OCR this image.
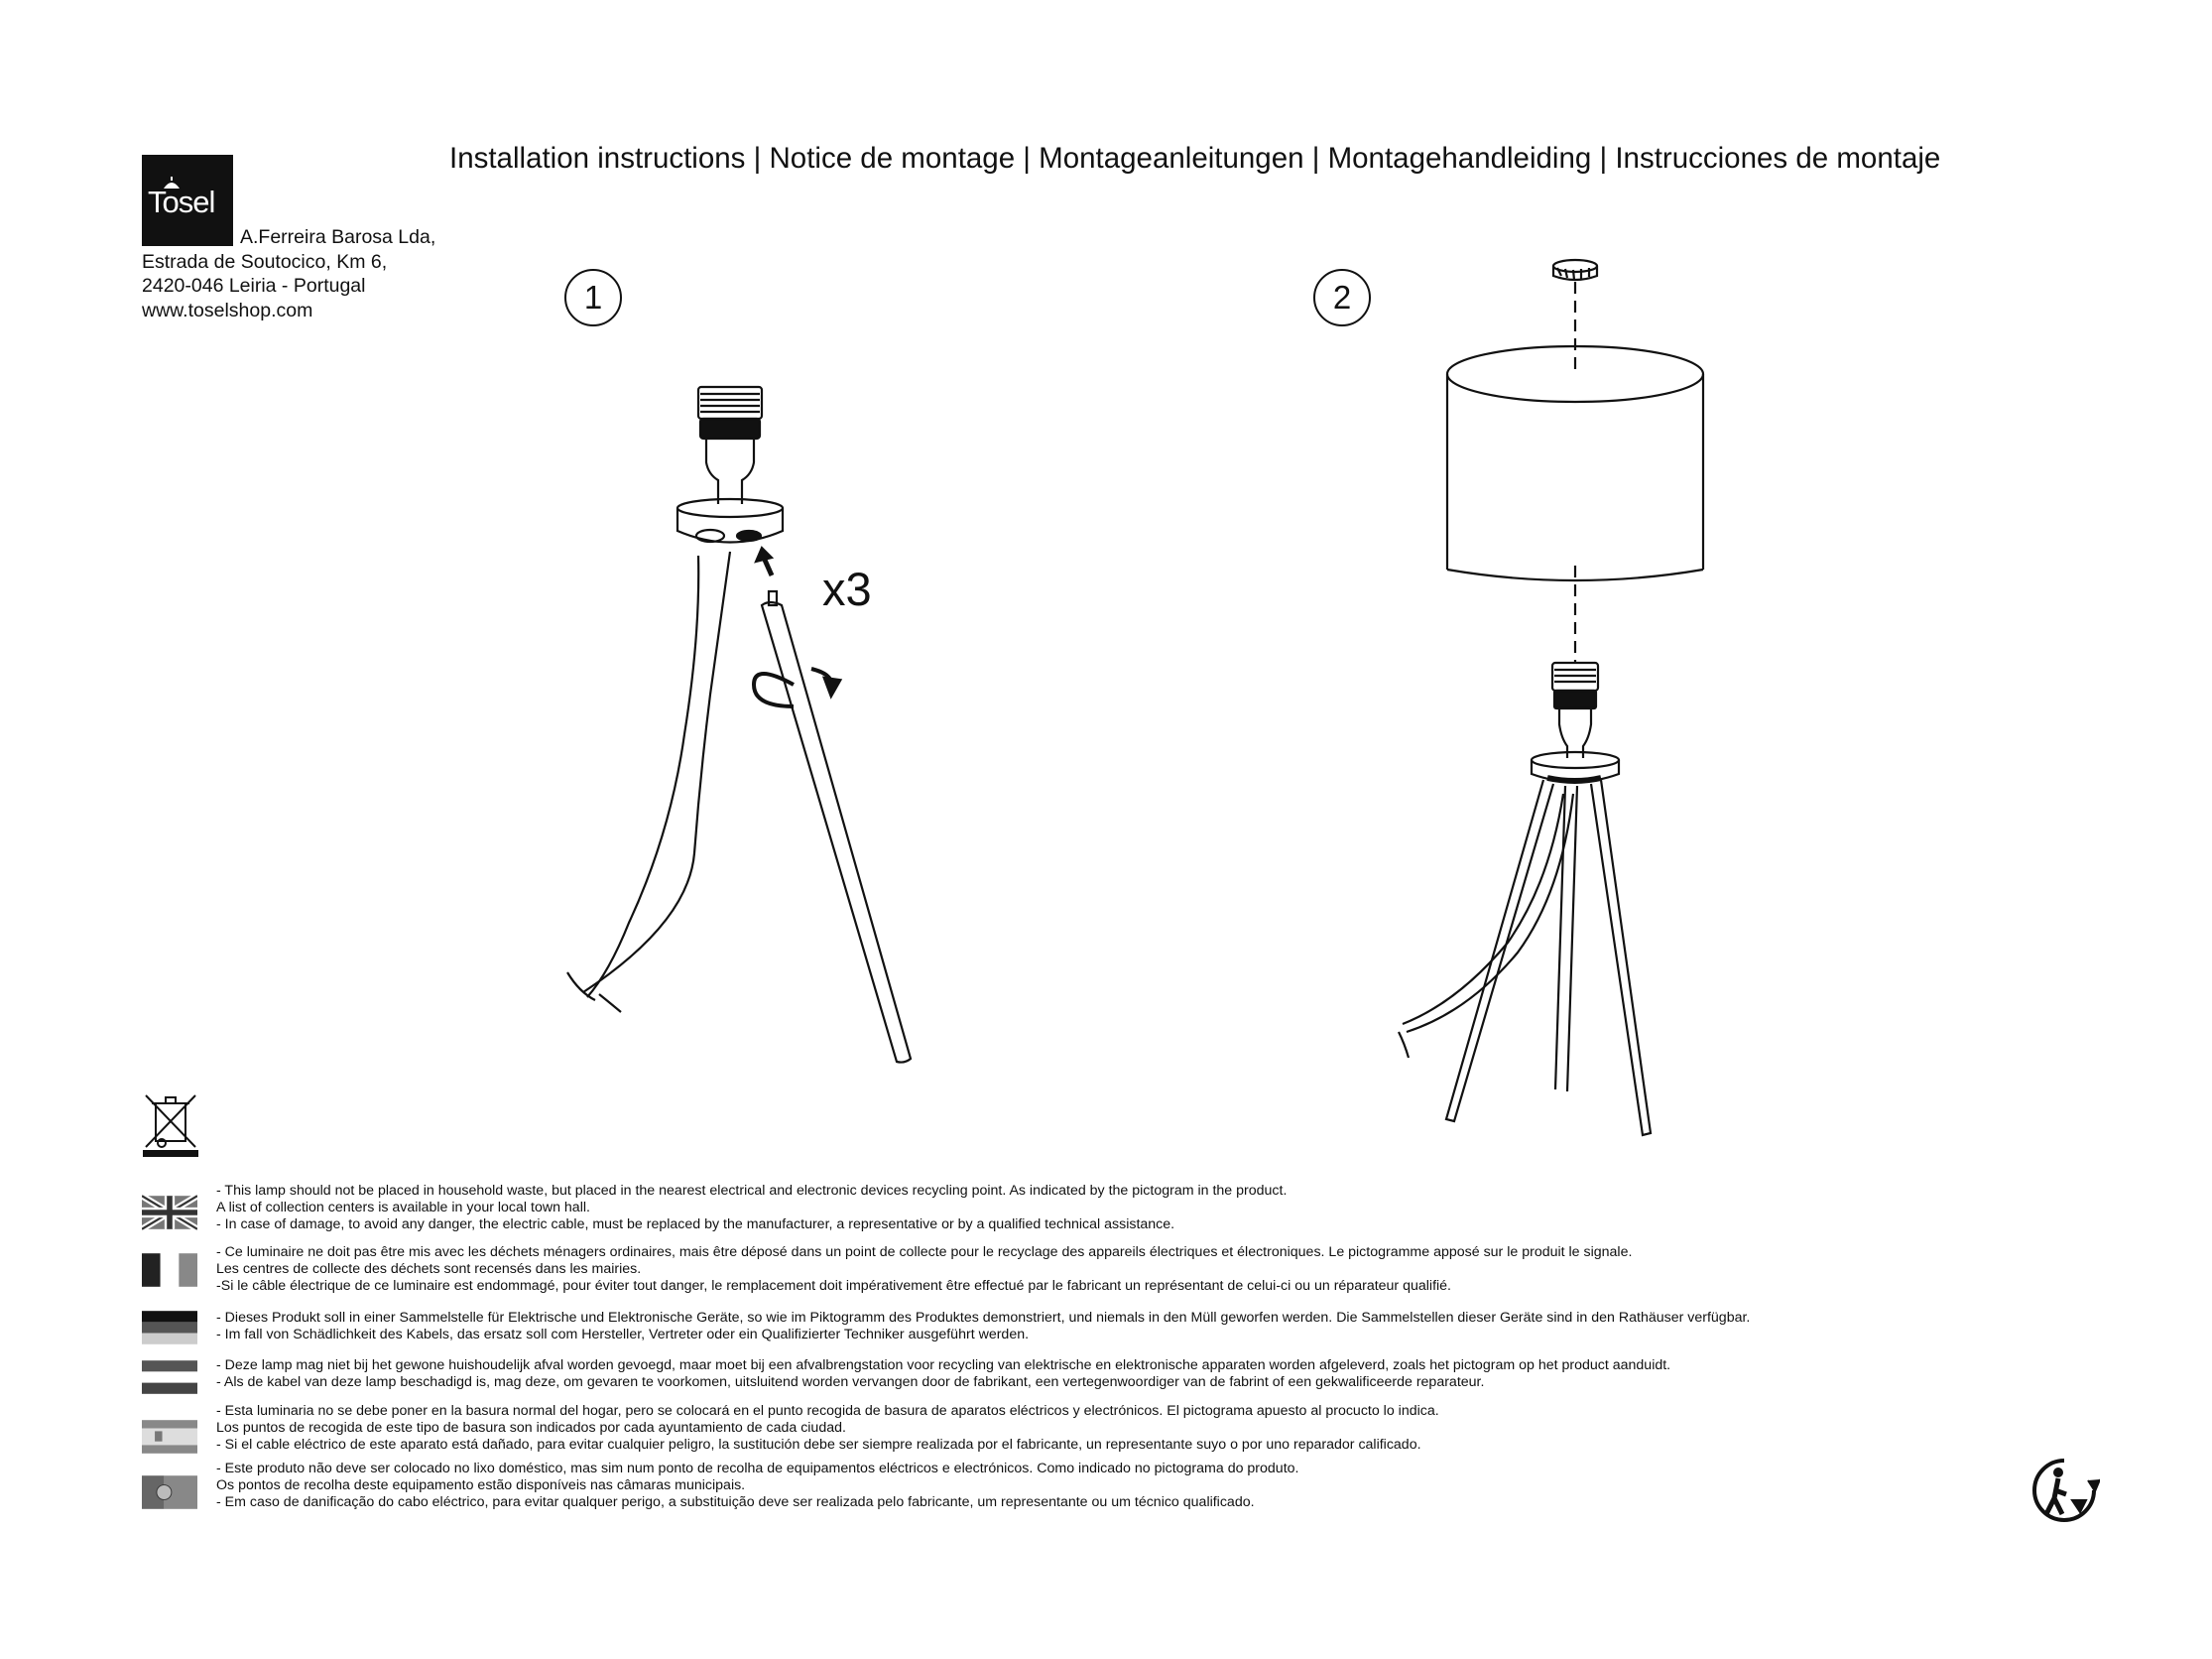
Tosel
A.Ferreira Barosa Lda,
Estrada de Soutocico, Km 6,
2420-046 Leiria - Portugal
www.toselshop.com
Installation instructions | Notice de montage | Montageanleitungen | Montagehandleiding | Instrucciones de montaje
1	2
x3
- This lamp should not be placed in household waste, but placed in the nearest electrical and electronic devices recycling point. As indicated by the pictogram in the product.
A list of collection centers is available in your local town hall.
- In case of damage, to avoid any danger, the electric cable, must be replaced by the manufacturer, a representative or by a qualified technical assistance.
- Ce luminaire ne doit pas être mis avec les déchets ménagers ordinaires, mais être déposé dans un point de collecte pour le recyclage des appareils électriques et électroniques. Le pictogramme apposé sur le produit le signale.
Les centres de collecte des déchets sont recensés dans les mairies.
-Si le câble électrique de ce luminaire est endommagé, pour éviter tout danger, le remplacement doit impérativement être effectué par le fabricant un représentant de celui-ci ou un réparateur qualifié.
- Dieses Produkt soll in einer Sammelstelle für Elektrische und Elektronische Geräte, so wie im Piktogramm des Produktes demonstriert, und niemals in den Müll geworfen werden. Die Sammelstellen dieser Geräte sind in den Rathäuser verfügbar.
- Im fall von Schädlichkeit des Kabels, das ersatz soll com Hersteller, Vertreter oder ein Qualifizierter Techniker ausgeführt werden.
- Deze lamp mag niet bij het gewone huishoudelijk afval worden gevoegd, maar moet bij een afvalbrengstation voor recycling van elektrische en elektronische apparaten worden afgeleverd, zoals het pictogram op het product aanduidt.
- Als de kabel van deze lamp beschadigd is, mag deze, om gevaren te voorkomen, uitsluitend worden vervangen door de fabrikant, een vertegenwoordiger van de fabrint of een gekwalificeerde reparateur.
- Esta luminaria no se debe poner en la basura normal del hogar, pero se colocará en el punto recogida de basura de aparatos eléctricos y electrónicos. El pictograma apuesto al procucto lo indica.
Los puntos de recogida de este tipo de basura son indicados por cada ayuntamiento de cada ciudad.
- Si el cable eléctrico de este aparato está dañado, para evitar cualquier peligro, la sustitución debe ser siempre realizada por el fabricante, un representante suyo o por uno reparador calificado.
- Este produto não deve ser colocado no lixo doméstico, mas sim num ponto de recolha de equipamentos eléctricos e electrónicos. Como indicado no pictograma do produto.
Os pontos de recolha deste equipamento estão disponíveis nas câmaras municipais.
- Em caso de danificação do cabo eléctrico, para evitar qualquer perigo, a substituição deve ser realizada pelo fabricante, um representante ou um técnico qualificado.
